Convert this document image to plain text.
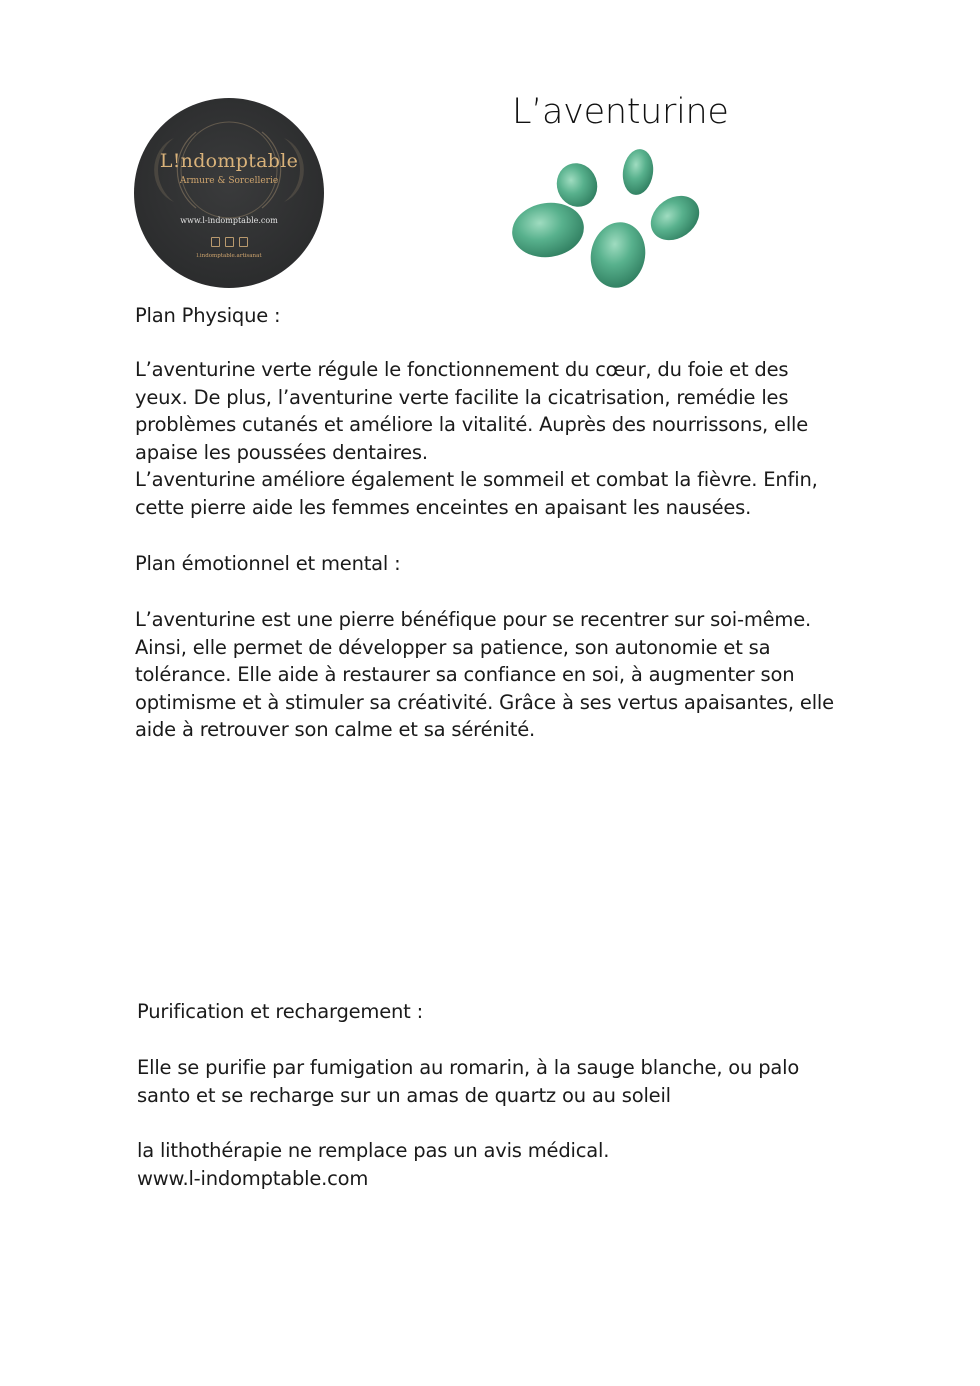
L!ndomptable
Armure & Sorcellerie
www.l-indomptable.com
l.indomptable.artisanat
L’aventurine

Plan Physique :

L’aventurine verte régule le fonctionnement du cœur, du foie et des
yeux. De plus, l’aventurine verte facilite la cicatrisation, remédie les
problèmes cutanés et améliore la vitalité. Auprès des nourrissons, elle
apaise les poussées dentaires.
L’aventurine améliore également le sommeil et combat la fièvre. Enfin,
cette pierre aide les femmes enceintes en apaisant les nausées.

Plan émotionnel et mental :

L’aventurine est une pierre bénéfique pour se recentrer sur soi-même.
Ainsi, elle permet de développer sa patience, son autonomie et sa
tolérance. Elle aide à restaurer sa confiance en soi, à augmenter son
optimisme et à stimuler sa créativité. Grâce à ses vertus apaisantes, elle
aide à retrouver son calme et sa sérénité.

Purification et rechargement :

Elle se purifie par fumigation au romarin, à la sauge blanche, ou palo
santo et se recharge sur un amas de quartz ou au soleil

la lithothérapie ne remplace pas un avis médical.

www.l-indomptable.com
